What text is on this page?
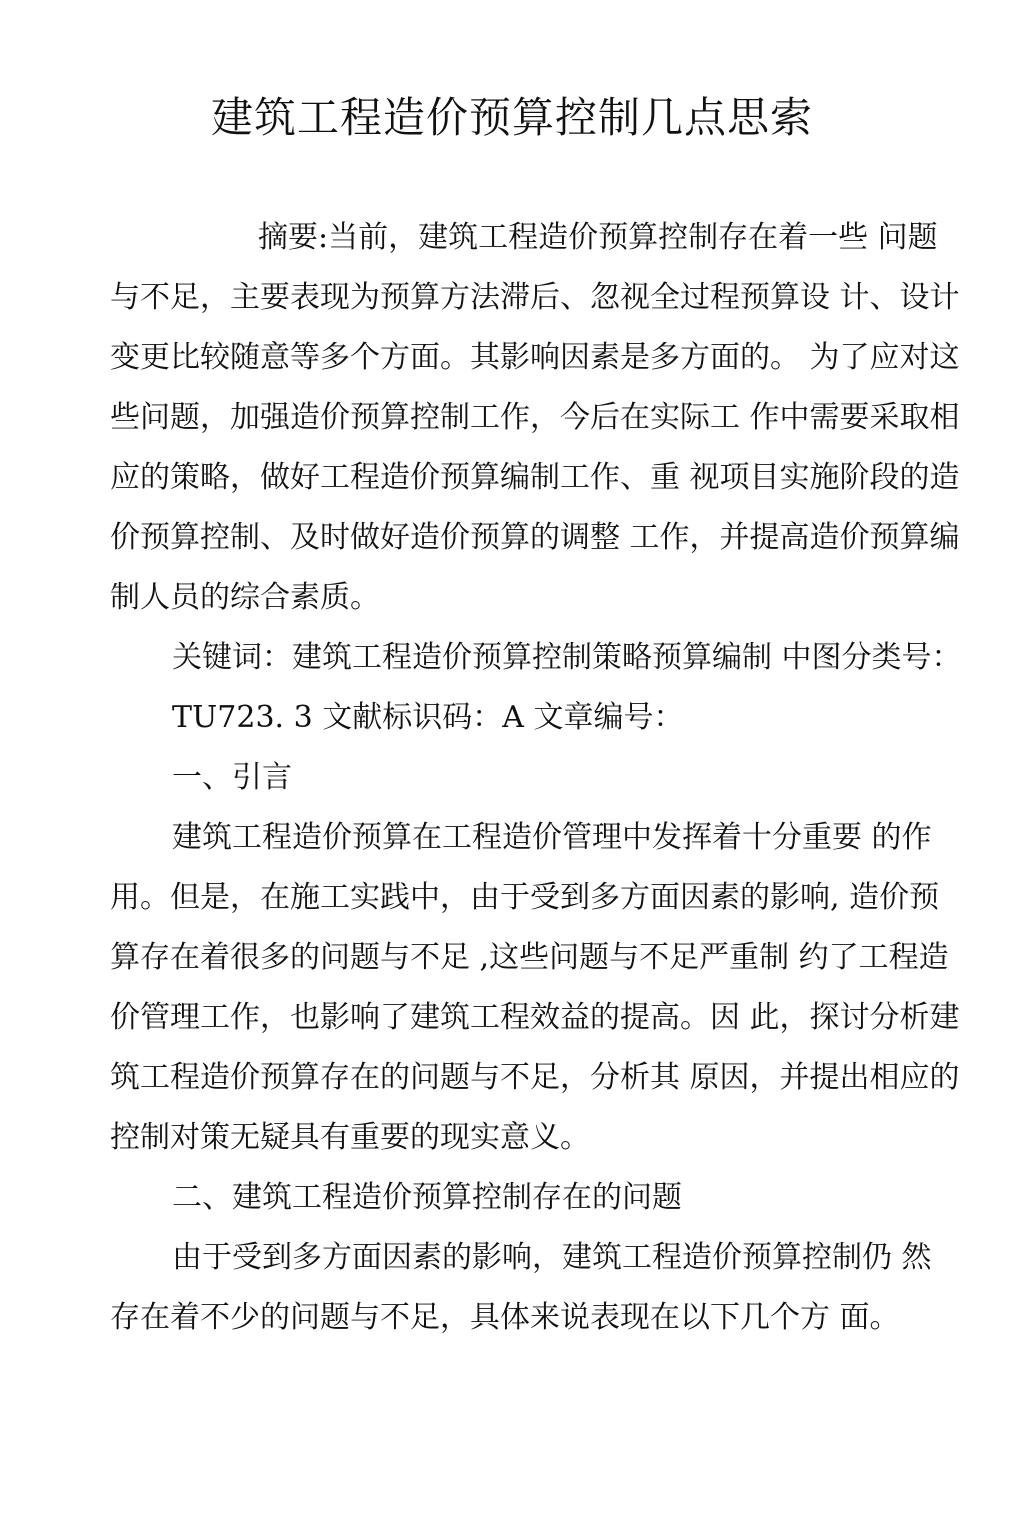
建筑工程造价预算控制几点思索
摘要:当前，建筑工程造价预算控制存在着一些 问题
与不足，主要表现为预算方法滞后、忽视全过程预算设 计、设计
变更比较随意等多个方面。其影响因素是多方面的。 为了应对这
些问题，加强造价预算控制工作，今后在实际工 作中需要采取相
应的策略，做好工程造价预算编制工作、重 视项目实施阶段的造
价预算控制、及时做好造价预算的调整 工作，并提高造价预算编
制人员的综合素质。
关键词：建筑工程造价预算控制策略预算编制 中图分类号：
TU723. 3 文献标识码：A 文章编号：
一、引言
建筑工程造价预算在工程造价管理中发挥着十分重要 的作
用。但是，在施工实践中，由于受到多方面因素的影响, 造价预
算存在着很多的问题与不足 ,这些问题与不足严重制 约了工程造
价管理工作，也影响了建筑工程效益的提高。因 此，探讨分析建
筑工程造价预算存在的问题与不足，分析其 原因，并提出相应的
控制对策无疑具有重要的现实意义。
二、建筑工程造价预算控制存在的问题
由于受到多方面因素的影响，建筑工程造价预算控制仍 然
存在着不少的问题与不足，具体来说表现在以下几个方 面。
